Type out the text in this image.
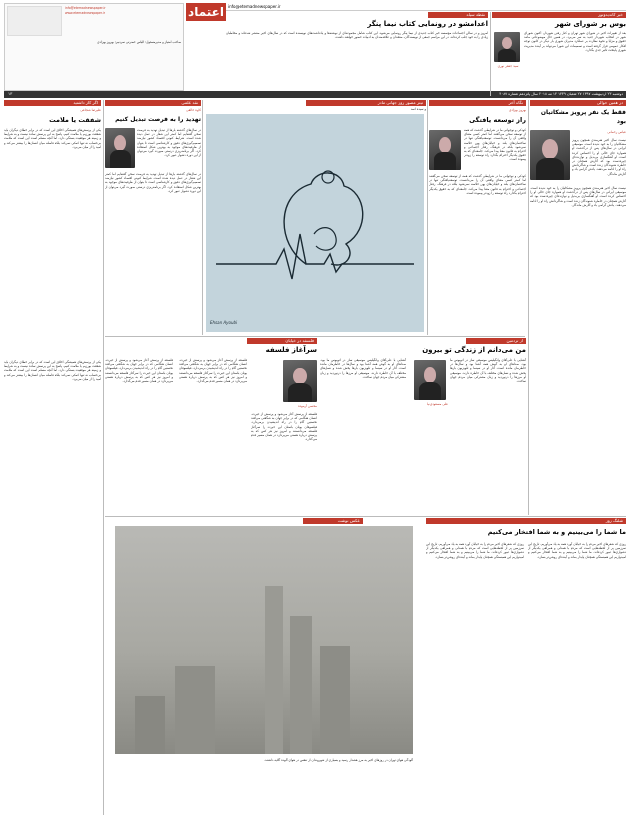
info@etemadnewspaper.ir
www.etemadnewspaper.ir
صاحب امتیاز و مدیرمسئول: الیاس حضرتی سردبیر: بهروز بهزادی
اعتماد	info@etemadnewspaper.ir
دوشنبه ۲۳ اردیبهشت ۱۳۹۷ ۲۷ شعبان ۱۴۳۹ ۱۴ مه ۲۰۱۸ سال پانزدهم شماره ۴۰۸۷
۱۳
نقطه سیاه
اعدامشو در رونمایی کتاب نیما پنگر
امروز و در سالن اجتماعات مؤسسه خبر کتاب جدیدی از نیما پنگر رونمایی می‌شود. این کتاب شامل مجموعه‌ای از نوشته‌ها و یادداشت‌های نویسنده است که در سال‌های اخیر منتشر شده‌اند و مخاطبان زیادی را به خود جلب کرده‌اند. در این مراسم جمعی از نویسندگان، منتقدان و علاقه‌مندان به ادبیات حضور خواهند داشت.
خبر کاندیدوتور
بوس بر شورای شهر
بعد از تغییرات اخیر در شورای شهر تهران و کنار رفتن شهردار، اکنون شورای شهر در انتخاب شهردار جدید به سر می‌برد. در همین حال موضوعاتی مانند حقوق و مزایا و نحوه نظارت بر عملکرد مدیران شهری بار دیگر در کانون توجه افکار عمومی قرار گرفته است و تصمیمات این شورا می‌تواند بر آینده مدیریت شهری پایتخت تاثیر جدی بگذارد.
سید جعفر نوری
در همین حوالی
فقط یک نفر پرویز مشکاتیان بود
عباس رحمانی
نیست سال اخیر هنرمندی همچون پرویز مشکاتیان را به خود ندیده است. موسیقی ایرانی در سال‌های پس از درگذشت او همواره جای خالی او را احساس کرده است. او آهنگسازی بی‌بدیل و نوازنده‌ای چیره‌دست بود که آثارش همچنان در خاطره شنوندگان زنده است و شاگردانش راه او را ادامه می‌دهند. یادش گرامی باد و آثارش ماندگار.
نیست سال اخیر هنرمندی همچون پرویز مشکاتیان را به خود ندیده است. موسیقی ایرانی در سال‌های پس از درگذشت او همواره جای خالی او را احساس کرده است. او آهنگسازی بی‌بدیل و نوازنده‌ای چیره‌دست بود که آثارش همچنان در خاطره شنوندگان زنده است و شاگردانش راه او را ادامه می‌دهند. یادش گرامی باد و آثارش ماندگار.
نگاه آخر
بهروز بهزادی
راز توسعه یافتگی
کودکی و نوجوانی ما در شرایطی گذشت که همه از توسعه سخن می‌گفتند اما کمتر کسی معنای واقعی آن را می‌دانست. توسعه‌یافتگی تنها در ساختمان‌های بلند و خیابان‌های پهن خلاصه نمی‌شود بلکه در فرهنگ، رفتار اجتماعی و احترام به قانون معنا پیدا می‌کند. جامعه‌ای که به حقوق یکدیگر احترام بگذارد راه توسعه را زودتر پیموده است.
کودکی و نوجوانی ما در شرایطی گذشت که همه از توسعه سخن می‌گفتند اما کمتر کسی معنای واقعی آن را می‌دانست. توسعه‌یافتگی تنها در ساختمان‌های بلند و خیابان‌های پهن خلاصه نمی‌شود بلکه در فرهنگ، رفتار اجتماعی و احترام به قانون معنا پیدا می‌کند. جامعه‌ای که به حقوق یکدیگر احترام بگذارد راه توسعه را زودتر پیموده است.
تیتر مصور روز جهانی مادر
و سیده اسد
Ehsan Ayoubi
نقد علمی
کاوه خالقی
تهدید را به فرصت تبدیل کنیم
در سال‌های گذشته بارها از تبدیل تهدید به فرصت سخن گفته‌ایم اما کمتر این شعار در عمل دیده شده است. شرایط کنونی اقتصاد کشور نیازمند تصمیم‌گیری‌های دقیق و کارشناسی است تا بتوان از ظرفیت‌های موجود به بهترین شکل استفاده کرد. اگر برنامه‌ریزی درستی صورت گیرد می‌توان از این دوره دشوار عبور کرد.
در سال‌های گذشته بارها از تبدیل تهدید به فرصت سخن گفته‌ایم اما کمتر این شعار در عمل دیده شده است. شرایط کنونی اقتصاد کشور نیازمند تصمیم‌گیری‌های دقیق و کارشناسی است تا بتوان از ظرفیت‌های موجود به بهترین شکل استفاده کرد. اگر برنامه‌ریزی درستی صورت گیرد می‌توان از این دوره دشوار عبور کرد.
اگر کار داشتید
علیرضا شجاعی
شفقت یا ملامت
یکی از پرسش‌های همیشگی اخلاق این است که در برابر خطای دیگران باید شفقت بورزیم یا ملامت کنیم. پاسخ به این پرسش ساده نیست و به شرایط و زمینه هر موقعیت بستگی دارد. اما آنچه مسلم است این است که ملامت بی‌حساب نه تنها کمکی نمی‌کند بلکه فاصله میان انسان‌ها را بیشتر می‌کند و امید را از میان می‌برد.
یکی از پرسش‌های همیشگی اخلاق این است که در برابر خطای دیگران باید شفقت بورزیم یا ملامت کنیم. پاسخ به این پرسش ساده نیست و به شرایط و زمینه هر موقعیت بستگی دارد. اما آنچه مسلم است این است که ملامت بی‌حساب نه تنها کمکی نمی‌کند بلکه فاصله میان انسان‌ها را بیشتر می‌کند و امید را از میان می‌برد.
از تردمین
من می‌دانم از زندگی تو بیرون
علی مسعودی‌نیا
آشنایی با علی‌آقای وانگیلیس موسیقی ساز در اتوبوس ما بود. صداهای او به گوش همه آشنا بود و سال‌ها در خاطرمان مانده است. آثار او در سینما و تلویزیون بارها پخش شده و نسل‌های مختلف با آن خاطره دارند. موسیقی او مرزها را درنوردید و زبان مشترکی میان مردم جهان ساخت.
آشنایی با علی‌آقای وانگیلیس موسیقی ساز در اتوبوس ما بود. صداهای او به گوش همه آشنا بود و سال‌ها در خاطرمان مانده است. آثار او در سینما و تلویزیون بارها پخش شده و نسل‌های مختلف با آن خاطره دارند. موسیقی او مرزها را درنوردید و زبان مشترکی میان مردم جهان ساخت.
فلسفه در خیابان
سرآغاز فلسفه
محسن آرموده
فلسفه از پرسش آغاز می‌شود و پرسش از حیرت. انسان هنگامی که در برابر جهان به شگفتی می‌افتد نخستین گام را در راه اندیشیدن برمی‌دارد. فیلسوفان یونان باستان این حیرت را سرآغاز فلسفه می‌دانستند و امروز نیز هر کس که به پرسش درباره هستی می‌پردازد در همان مسیر قدم می‌گذارد.
فلسفه از پرسش آغاز می‌شود و پرسش از حیرت. انسان هنگامی که در برابر جهان به شگفتی می‌افتد نخستین گام را در راه اندیشیدن برمی‌دارد. فیلسوفان یونان باستان این حیرت را سرآغاز فلسفه می‌دانستند و امروز نیز هر کس که به پرسش درباره هستی می‌پردازد در همان مسیر قدم می‌گذارد.
فلسفه از پرسش آغاز می‌شود و پرسش از حیرت. انسان هنگامی که در برابر جهان به شگفتی می‌افتد نخستین گام را در راه اندیشیدن برمی‌دارد. فیلسوفان یونان باستان این حیرت را سرآغاز فلسفه می‌دانستند و امروز نیز هر کس که به پرسش درباره هستی می‌پردازد در همان مسیر قدم می‌گذارد.
عکس نوشت
آلودگی هوای تهران در روزهای اخیر به مرز هشدار رسید و بسیاری از شهروندان از تنفس در هوای آلوده گلایه داشتند.
شلنگ روز
ما شما را می‌بینیم و به شما افتخار می‌کنیم
روزی که شعرهای اخیر مردم را به خیابان آورد همه به یاد می‌آوریم. تاریخ این سرزمین پر از لحظه‌هایی است که مردم با همدلی و همراهی یکدیگر از دشواری‌ها عبور کرده‌اند. ما شما را می‌بینیم و به شما افتخار می‌کنیم و امیدواریم این همبستگی همچنان پایدار بماند و آینده‌ای روشن‌تر بسازد.
روزی که شعرهای اخیر مردم را به خیابان آورد همه به یاد می‌آوریم. تاریخ این سرزمین پر از لحظه‌هایی است که مردم با همدلی و همراهی یکدیگر از دشواری‌ها عبور کرده‌اند. ما شما را می‌بینیم و به شما افتخار می‌کنیم و امیدواریم این همبستگی همچنان پایدار بماند و آینده‌ای روشن‌تر بسازد.
